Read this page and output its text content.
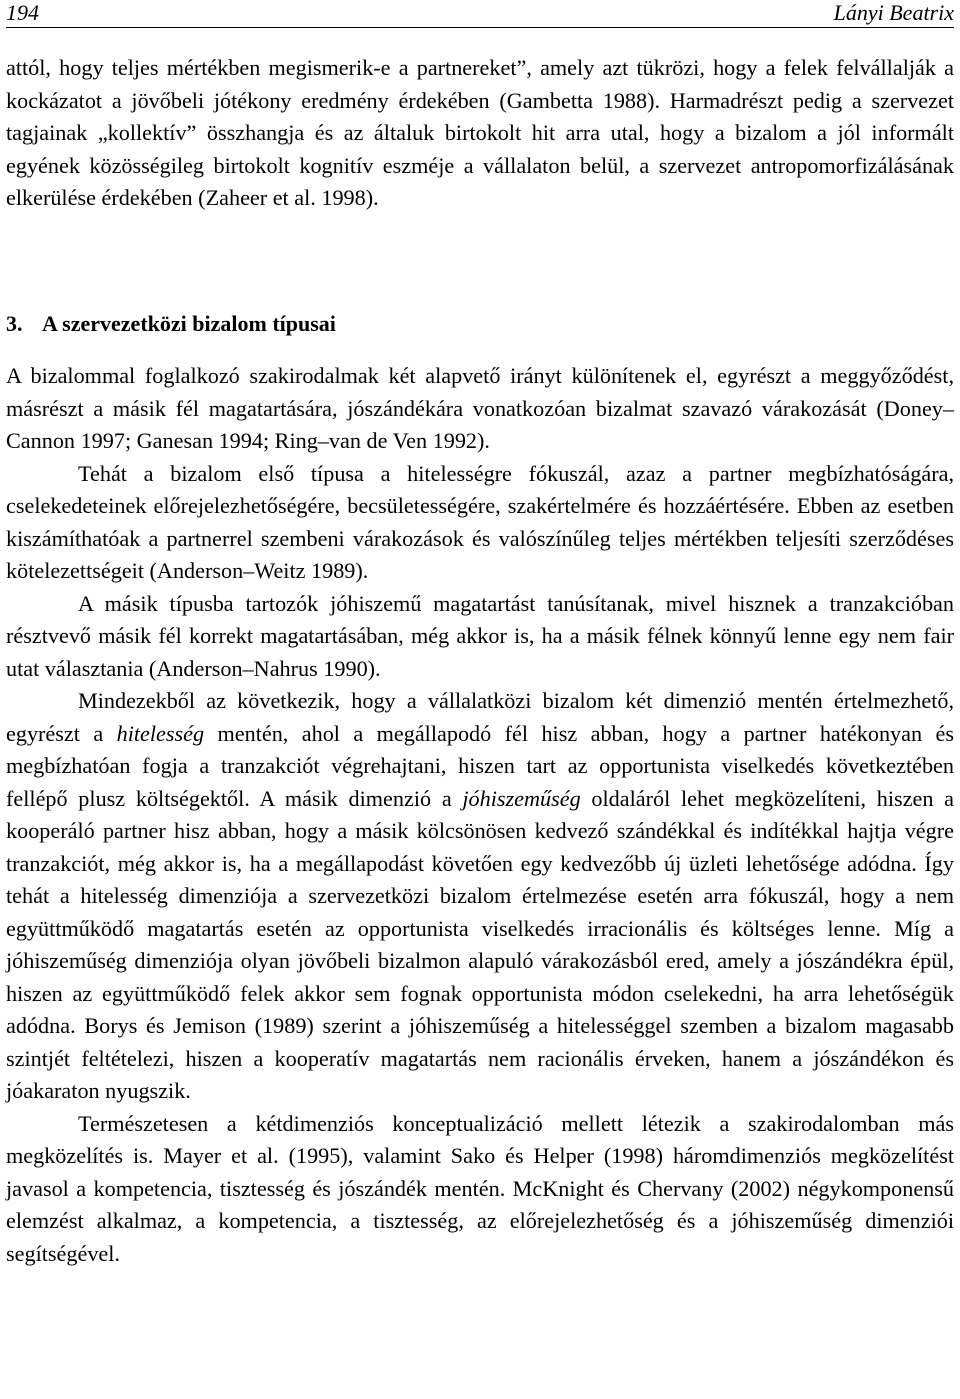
194	Lányi Beatrix

attól, hogy teljes mértékben megismerik-e a partnereket”, amely azt tükrözi, hogy a felek felvállalják a kockázatot a jövőbeli jótékony eredmény érdekében (Gambetta 1988). Harmadrészt pedig a szervezet tagjainak „kollektív” összhangja és az általuk birtokolt hit arra utal, hogy a bizalom a jól informált egyének közösségileg birtokolt kognitív eszméje a vállalaton belül, a szervezet antropomorfizálásának elkerülése érdekében (Zaheer et al. 1998).

3. A szervezetközi bizalom típusai

A bizalommal foglalkozó szakirodalmak két alapvető irányt különítenek el, egyrészt a meggyőződést, másrészt a másik fél magatartására, jószándékára vonatkozóan bizalmat szavazó várakozását (Doney–Cannon 1997; Ganesan 1994; Ring–van de Ven 1992).

Tehát a bizalom első típusa a hitelességre fókuszál, azaz a partner megbízhatóságára, cselekedeteinek előrejelezhetőségére, becsületességére, szakértelmére és hozzáértésére. Ebben az esetben kiszámíthatóak a partnerrel szembeni várakozások és valószínűleg teljes mértékben teljesíti szerződéses kötelezettségeit (Anderson–Weitz 1989).

A másik típusba tartozók jóhiszemű magatartást tanúsítanak, mivel hisznek a tranzakcióban résztvevő másik fél korrekt magatartásában, még akkor is, ha a másik félnek könnyű lenne egy nem fair utat választania (Anderson–Nahrus 1990).

Mindezekből az következik, hogy a vállalatközi bizalom két dimenzió mentén értelmezhető, egyrészt a hitelesség mentén, ahol a megállapodó fél hisz abban, hogy a partner hatékonyan és megbízhatóan fogja a tranzakciót végrehajtani, hiszen tart az opportunista viselkedés következtében fellépő plusz költségektől. A másik dimenzió a jóhiszeműség oldaláról lehet megközelíteni, hiszen a kooperáló partner hisz abban, hogy a másik kölcsönösen kedvező szándékkal és indítékkal hajtja végre tranzakciót, még akkor is, ha a megállapodást követően egy kedvezőbb új üzleti lehetősége adódna. Így tehát a hitelesség dimenziója a szervezetközi bizalom értelmezése esetén arra fókuszál, hogy a nem együttműködő magatartás esetén az opportunista viselkedés irracionális és költséges lenne. Míg a jóhiszeműség dimenziója olyan jövőbeli bizalmon alapuló várakozásból ered, amely a jószándékra épül, hiszen az együttműködő felek akkor sem fognak opportunista módon cselekedni, ha arra lehetőségük adódna. Borys és Jemison (1989) szerint a jóhiszeműség a hitelességgel szemben a bizalom magasabb szintjét feltételezi, hiszen a kooperatív magatartás nem racionális érveken, hanem a jószándékon és jóakaraton nyugszik.

Természetesen a kétdimenziós konceptualizáció mellett létezik a szakirodalomban más megközelítés is. Mayer et al. (1995), valamint Sako és Helper (1998) háromdimenziós megközelítést javasol a kompetencia, tisztesség és jószándék mentén. McKnight és Chervany (2002) négykomponensű elemzést alkalmaz, a kompetencia, a tisztesség, az előrejelezhetőség és a jóhiszeműség dimenziói segítségével.
